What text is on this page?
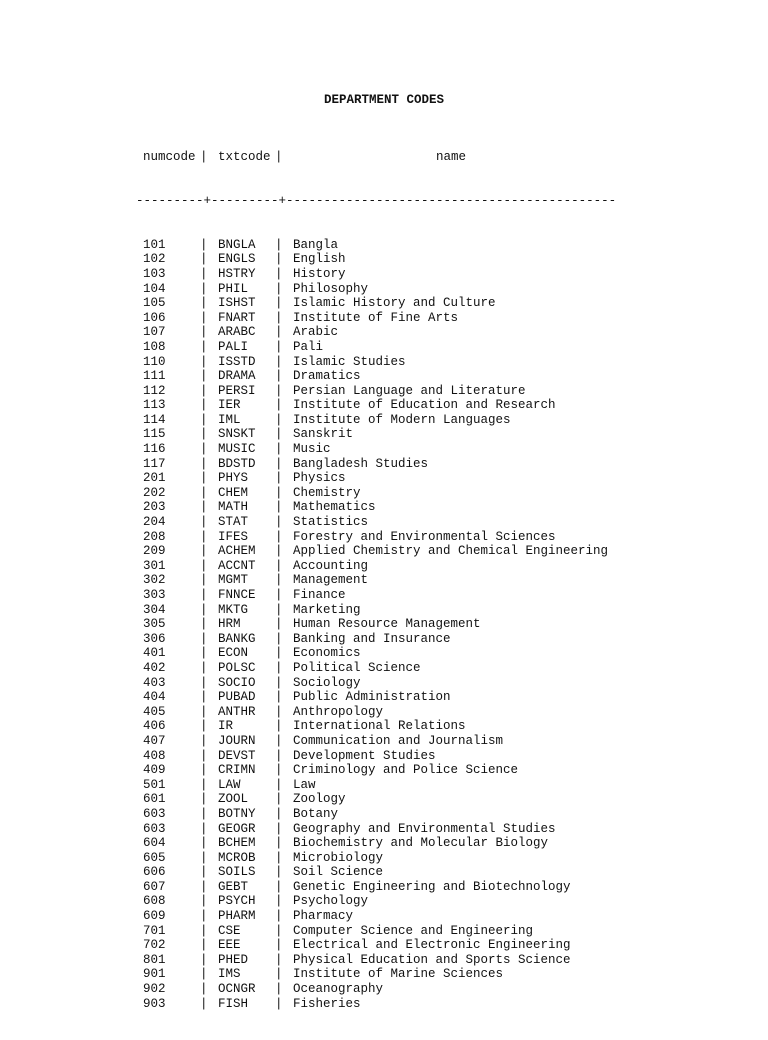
DEPARTMENT CODES

numcode | txtcode |	name

---------+---------+--------------------------------------------

101	| BNGLA	| Bangla
102	| ENGLS	| English
103	| HSTRY	| History
104	| PHIL	| Philosophy
105	| ISHST	| Islamic History and Culture
106	| FNART	| Institute of Fine Arts
107	| ARABC	| Arabic
108	| PALI	| Pali
110	| ISSTD	| Islamic Studies
111	| DRAMA	| Dramatics
112	| PERSI	| Persian Language and Literature
113	| IER	| Institute of Education and Research
114	| IML	| Institute of Modern Languages
115	| SNSKT	| Sanskrit
116	| MUSIC	| Music
117	| BDSTD	| Bangladesh Studies
201	| PHYS	| Physics
202	| CHEM	| Chemistry
203	| MATH	| Mathematics
204	| STAT	| Statistics
208	| IFES	| Forestry and Environmental Sciences
209	| ACHEM	| Applied Chemistry and Chemical Engineering
301	| ACCNT	| Accounting
302	| MGMT	| Management
303	| FNNCE	| Finance
304	| MKTG	| Marketing
305	| HRM	| Human Resource Management
306	| BANKG	| Banking and Insurance
401	| ECON	| Economics
402	| POLSC	| Political Science
403	| SOCIO	| Sociology
404	| PUBAD	| Public Administration
405	| ANTHR	| Anthropology
406	| IR	| International Relations
407	| JOURN	| Communication and Journalism
408	| DEVST	| Development Studies
409	| CRIMN	| Criminology and Police Science
501	| LAW	| Law
601	| ZOOL	| Zoology
603	| BOTNY	| Botany
603	| GEOGR	| Geography and Environmental Studies
604	| BCHEM	| Biochemistry and Molecular Biology
605	| MCROB	| Microbiology
606	| SOILS	| Soil Science
607	| GEBT	| Genetic Engineering and Biotechnology
608	| PSYCH	| Psychology
609	| PHARM	| Pharmacy
701	| CSE	| Computer Science and Engineering
702	| EEE	| Electrical and Electronic Engineering
801	| PHED	| Physical Education and Sports Science
901	| IMS	| Institute of Marine Sciences
902	| OCNGR	| Oceanography
903	| FISH	| Fisheries
